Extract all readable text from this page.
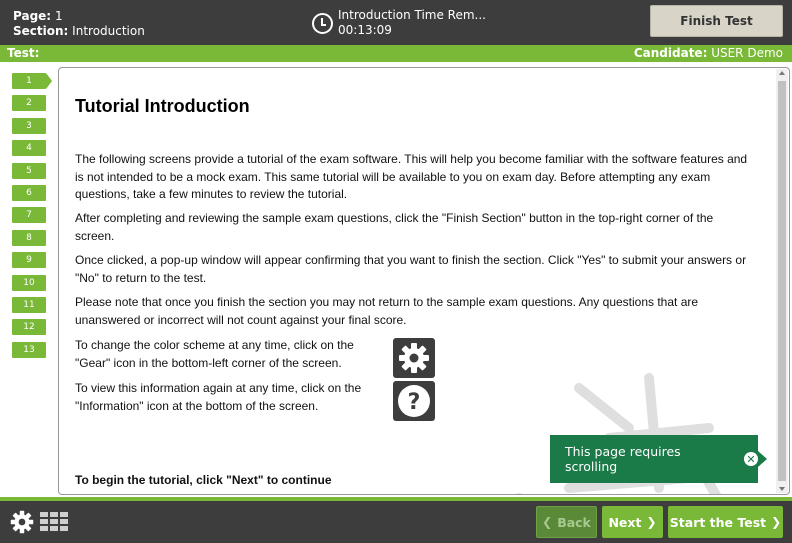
Page: 1
Section: Introduction
Introduction Time Rem...
00:13:09
Finish Test
Test:	Candidate: USER Demo
1
2
3
4
5
6
7
8
9
10
11
12
13
Tutorial Introduction

The following screens provide a tutorial of the exam software. This will help you become familiar with the software features and is not intended to be a mock exam. This same tutorial will be available to you on exam day. Before attempting any exam questions, take a few minutes to review the tutorial.

After completing and reviewing the sample exam questions, click the "Finish Section" button in the top-right corner of the screen.

Once clicked, a pop-up window will appear confirming that you want to finish the section. Click "Yes" to submit your answers or "No" to return to the test.

Please note that once you finish the section you may not return to the sample exam questions. Any questions that are unanswered or incorrect will not count against your final score.

To change the color scheme at any time, click on the "Gear" icon in the bottom-left corner of the screen.

To view this information again at any time, click on the "Information" icon at the bottom of the screen.	?

To begin the tutorial, click "Next" to continue

This page requires scrolling	✕
❮ Back Next ❯ Start the Test ❯
